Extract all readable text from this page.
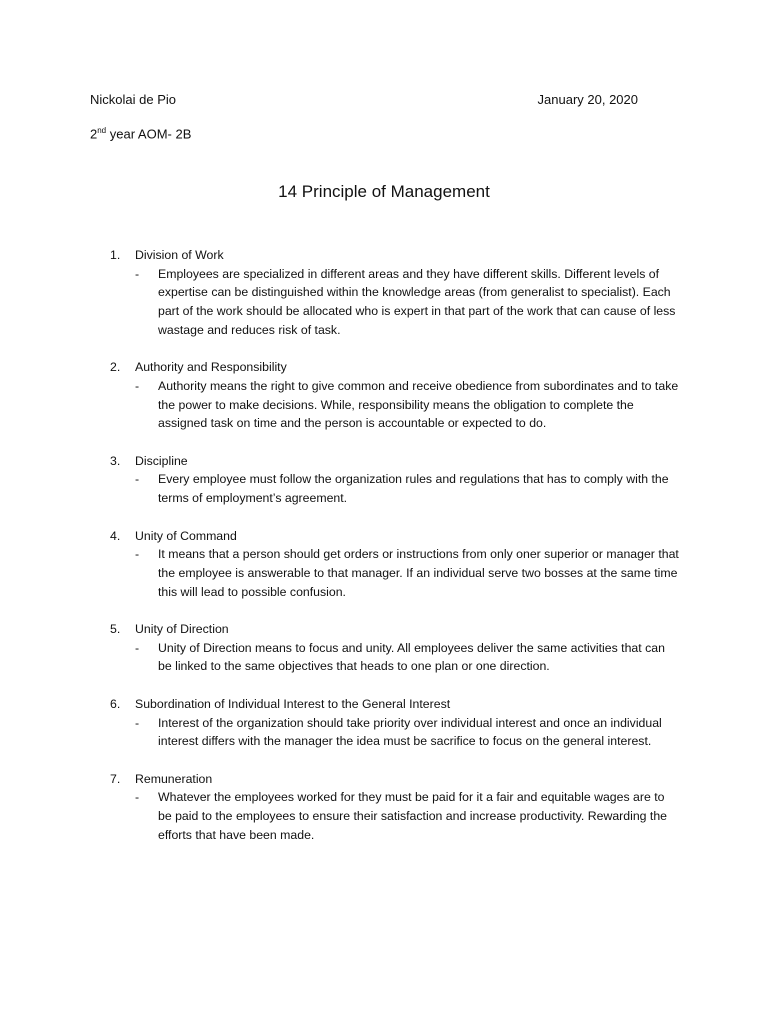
Nickolai de Pio	January 20, 2020
2nd year AOM- 2B
14 Principle of Management
1.	Division of Work
-	Employees are specialized in different areas and they have different skills. Different levels of expertise can be distinguished within the knowledge areas (from generalist to specialist). Each part of the work should be allocated who is expert in that part of the work that can cause of less wastage and reduces risk of task.
2.	Authority and Responsibility
-	Authority means the right to give common and receive obedience from subordinates and to take the power to make decisions. While, responsibility means the obligation to complete the assigned task on time and the person is accountable or expected to do.
3.	Discipline
-	Every employee must follow the organization rules and regulations that has to comply with the terms of employment’s agreement.
4.	Unity of Command
-	It means that a person should get orders or instructions from only oner superior or manager that the employee is answerable to that manager. If an individual serve two bosses at the same time this will lead to possible confusion.
5.	Unity of Direction
-	Unity of Direction means to focus and unity. All employees deliver the same activities that can be linked to the same objectives that heads to one plan or one direction.
6.	Subordination of Individual Interest to the General Interest
-	Interest of the organization should take priority over individual interest and once an individual interest differs with the manager the idea must be sacrifice to focus on the general interest.
7.	Remuneration
-	Whatever the employees worked for they must be paid for it a fair and equitable wages are to be paid to the employees to ensure their satisfaction and increase productivity. Rewarding the efforts that have been made.
